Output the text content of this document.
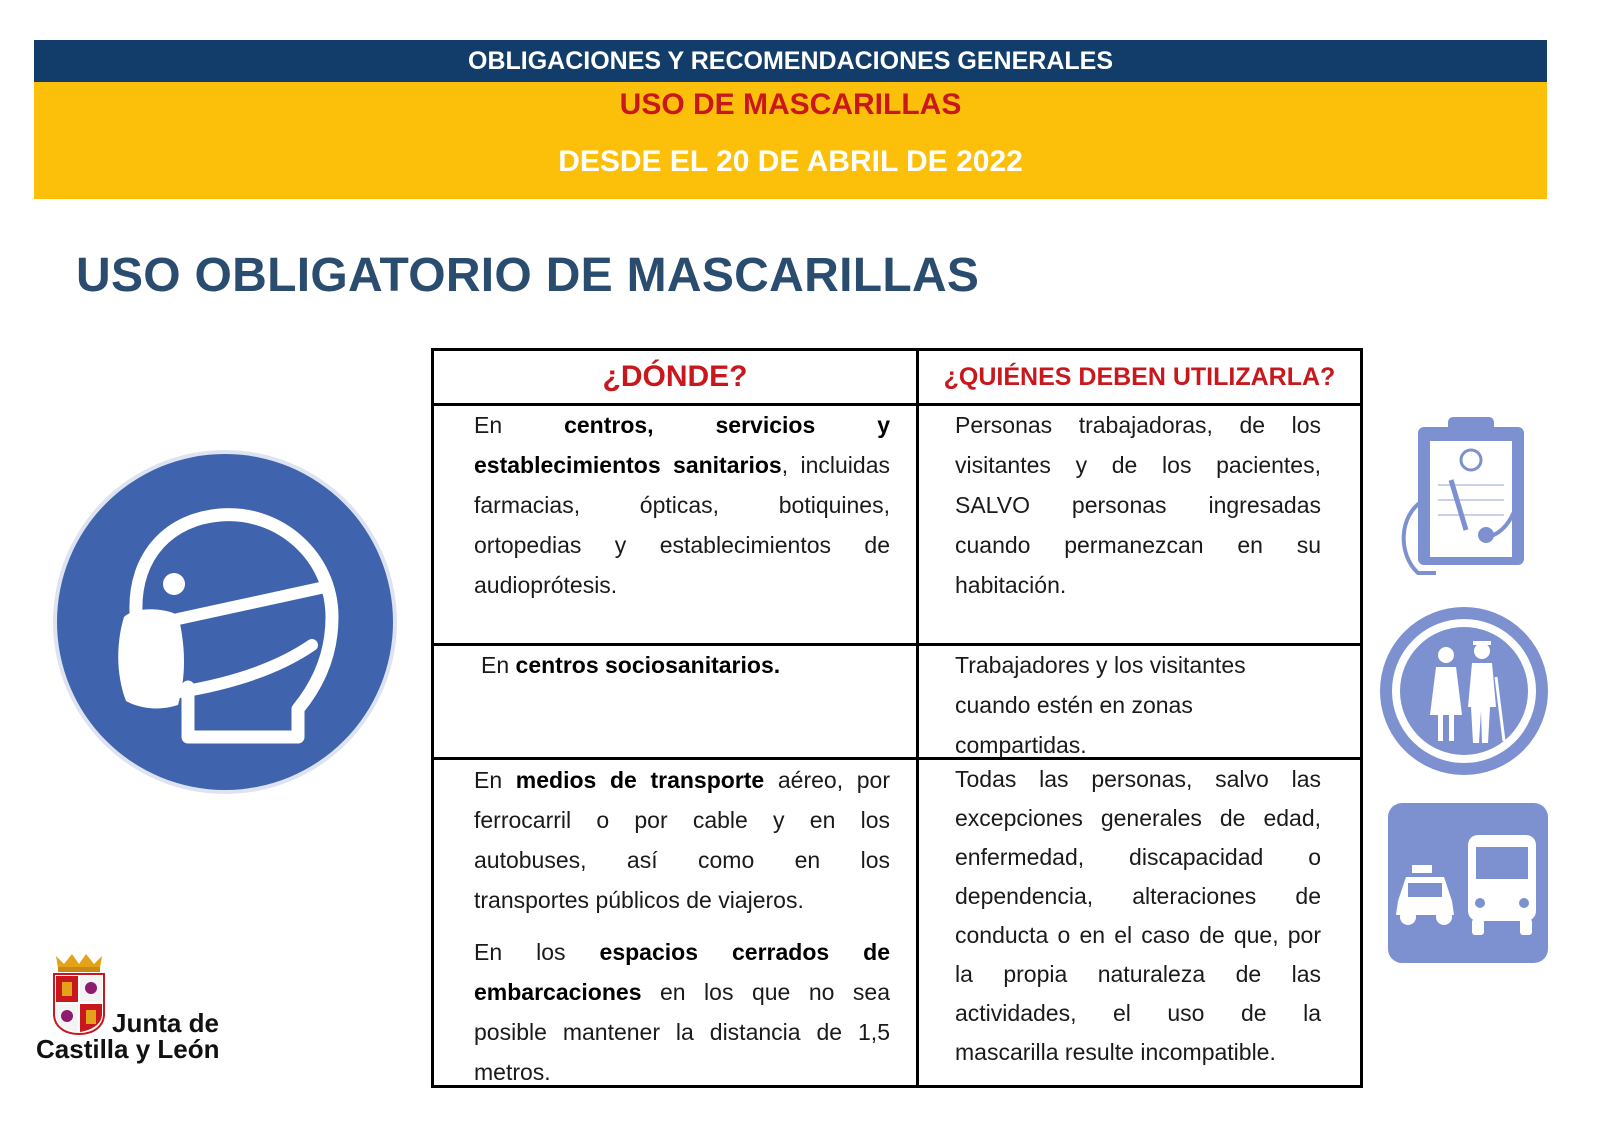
OBLIGACIONES Y RECOMENDACIONES GENERALES
USO DE MASCARILLAS
DESDE EL 20 DE ABRIL DE 2022
USO OBLIGATORIO DE MASCARILLAS
¿DÓNDE?	¿QUIÉNES DEBEN UTILIZARLA?
En centros, servicios y establecimientos sanitarios, incluidas farmacias, ópticas, botiquines, ortopedias y establecimientos de
audioprótesis.
Personas trabajadoras, de los visitantes y de los pacientes, SALVO personas ingresadas cuando permanezcan en su
habitación.
En centros sociosanitarios.	Trabajadores y los visitantes cuando estén en zonas compartidas.
En medios de transporte aéreo, por ferrocarril o por cable y en los autobuses, así como en los
transportes públicos de viajeros.
En los espacios cerrados de embarcaciones en los que no sea posible mantener la distancia de 1,5
metros.
Todas las personas, salvo las excepciones generales de edad, enfermedad, discapacidad o dependencia, alteraciones de conducta o en el caso de que, por la propia naturaleza de las actividades, el uso de la
mascarilla resulte incompatible.
Junta de
Castilla y León
